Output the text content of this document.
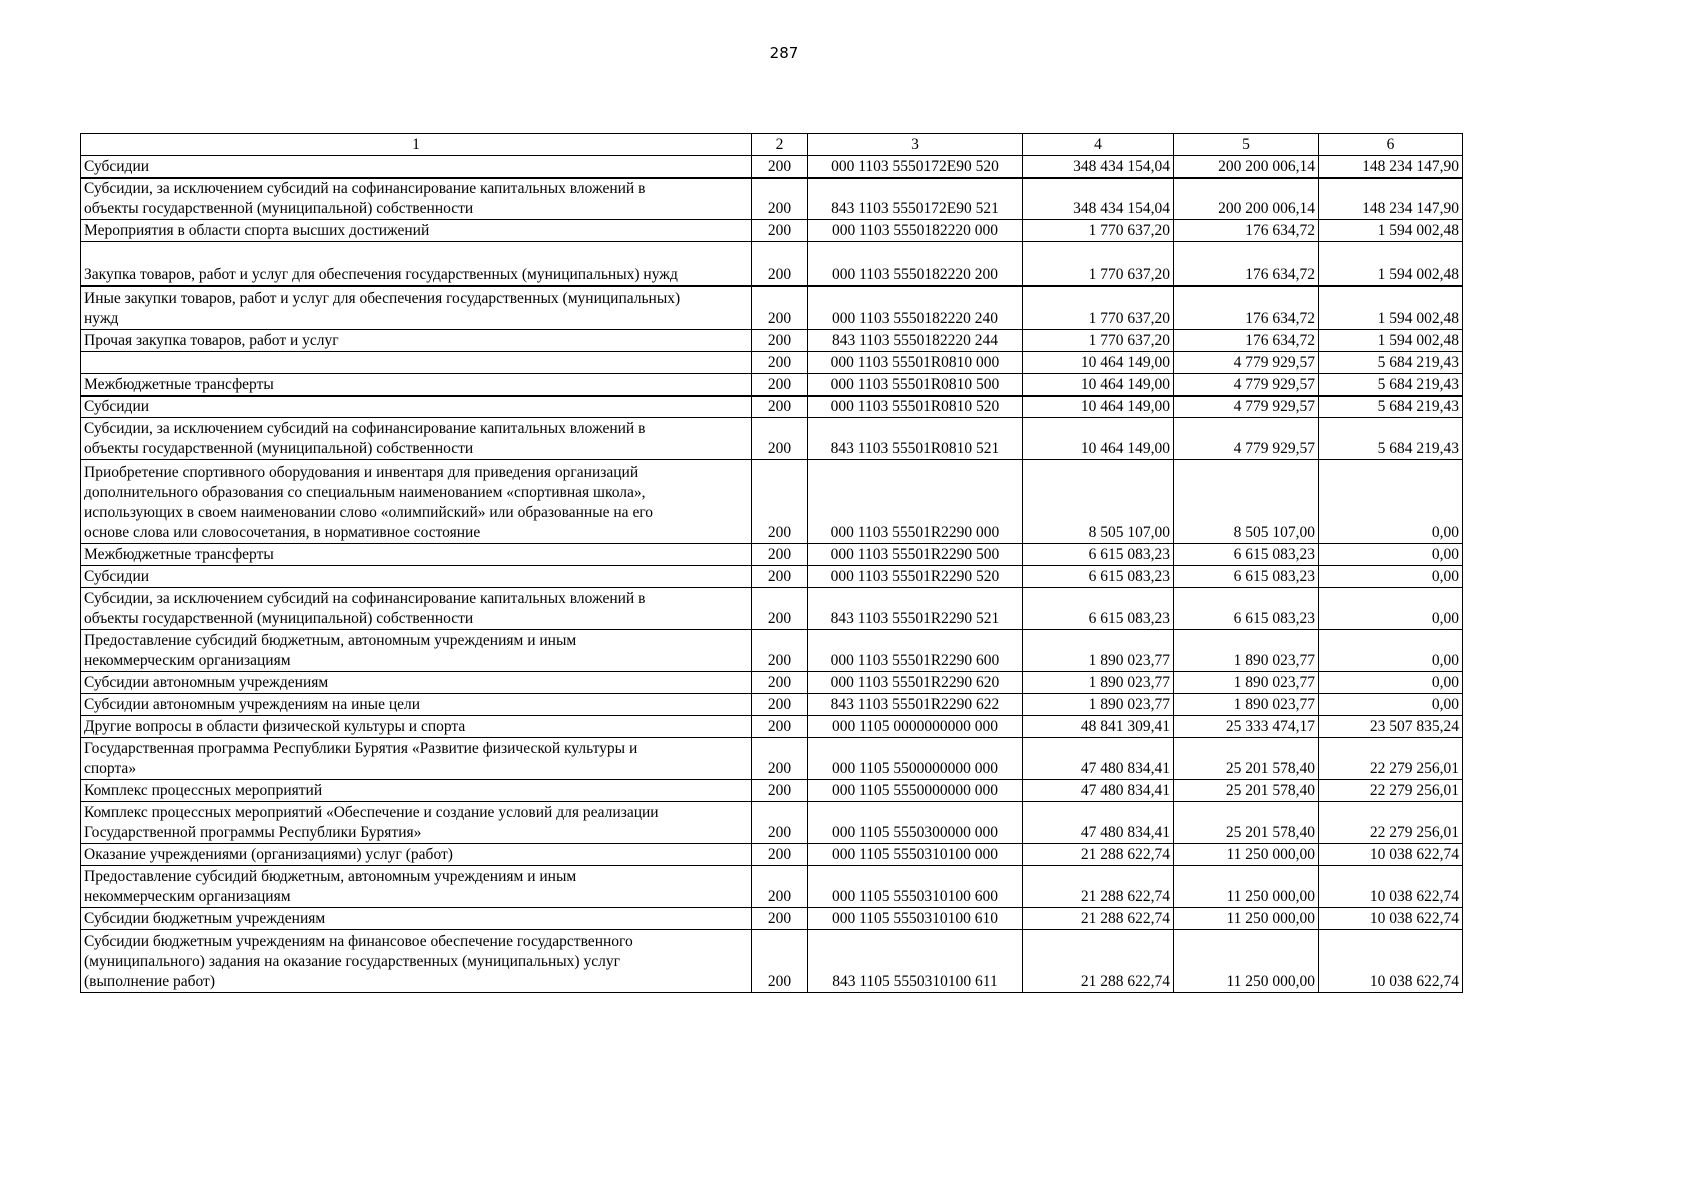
287
1	2	3	4	5	6
Субсидии	200	000 1103 5550172E90 520	348 434 154,04	200 200 006,14	148 234 147,90
Субсидии, за исключением субсидий на софинансирование капитальных вложений в
объекты государственной (муниципальной) собственности	200	843 1103 5550172E90 521	348 434 154,04	200 200 006,14	148 234 147,90
Мероприятия в области спорта высших достижений	200	000 1103 5550182220 000	1 770 637,20	176 634,72	1 594 002,48
Закупка товаров, работ и услуг для обеспечения государственных (муниципальных) нужд	200	000 1103 5550182220 200	1 770 637,20	176 634,72	1 594 002,48
Иные закупки товаров, работ и услуг для обеспечения государственных (муниципальных)
нужд	200	000 1103 5550182220 240	1 770 637,20	176 634,72	1 594 002,48
Прочая закупка товаров, работ и услуг	200	843 1103 5550182220 244	1 770 637,20	176 634,72	1 594 002,48
	200	000 1103 55501R0810 000	10 464 149,00	4 779 929,57	5 684 219,43
Межбюджетные трансферты	200	000 1103 55501R0810 500	10 464 149,00	4 779 929,57	5 684 219,43
Субсидии	200	000 1103 55501R0810 520	10 464 149,00	4 779 929,57	5 684 219,43
Субсидии, за исключением субсидий на софинансирование капитальных вложений в
объекты государственной (муниципальной) собственности	200	843 1103 55501R0810 521	10 464 149,00	4 779 929,57	5 684 219,43
Приобретение спортивного оборудования и инвентаря для приведения организаций
дополнительного образования со специальным наименованием «спортивная школа»,
использующих в своем наименовании слово «олимпийский» или образованные на его
основе слова или словосочетания, в нормативное состояние	200	000 1103 55501R2290 000	8 505 107,00	8 505 107,00	0,00
Межбюджетные трансферты	200	000 1103 55501R2290 500	6 615 083,23	6 615 083,23	0,00
Субсидии	200	000 1103 55501R2290 520	6 615 083,23	6 615 083,23	0,00
Субсидии, за исключением субсидий на софинансирование капитальных вложений в
объекты государственной (муниципальной) собственности	200	843 1103 55501R2290 521	6 615 083,23	6 615 083,23	0,00
Предоставление субсидий бюджетным, автономным учреждениям и иным
некоммерческим организациям	200	000 1103 55501R2290 600	1 890 023,77	1 890 023,77	0,00
Субсидии автономным учреждениям	200	000 1103 55501R2290 620	1 890 023,77	1 890 023,77	0,00
Субсидии автономным учреждениям на иные цели	200	843 1103 55501R2290 622	1 890 023,77	1 890 023,77	0,00
Другие вопросы в области физической культуры и спорта	200	000 1105 0000000000 000	48 841 309,41	25 333 474,17	23 507 835,24
Государственная программа Республики Бурятия «Развитие физической культуры и
спорта»	200	000 1105 5500000000 000	47 480 834,41	25 201 578,40	22 279 256,01
Комплекс процессных мероприятий	200	000 1105 5550000000 000	47 480 834,41	25 201 578,40	22 279 256,01
Комплекс процессных мероприятий «Обеспечение и создание условий для реализации
Государственной программы Республики Бурятия»	200	000 1105 5550300000 000	47 480 834,41	25 201 578,40	22 279 256,01
Оказание учреждениями (организациями) услуг (работ)	200	000 1105 5550310100 000	21 288 622,74	11 250 000,00	10 038 622,74
Предоставление субсидий бюджетным, автономным учреждениям и иным
некоммерческим организациям	200	000 1105 5550310100 600	21 288 622,74	11 250 000,00	10 038 622,74
Субсидии бюджетным учреждениям	200	000 1105 5550310100 610	21 288 622,74	11 250 000,00	10 038 622,74
Субсидии бюджетным учреждениям на финансовое обеспечение государственного
(муниципального) задания на оказание государственных (муниципальных) услуг
(выполнение работ)	200	843 1105 5550310100 611	21 288 622,74	11 250 000,00	10 038 622,74
